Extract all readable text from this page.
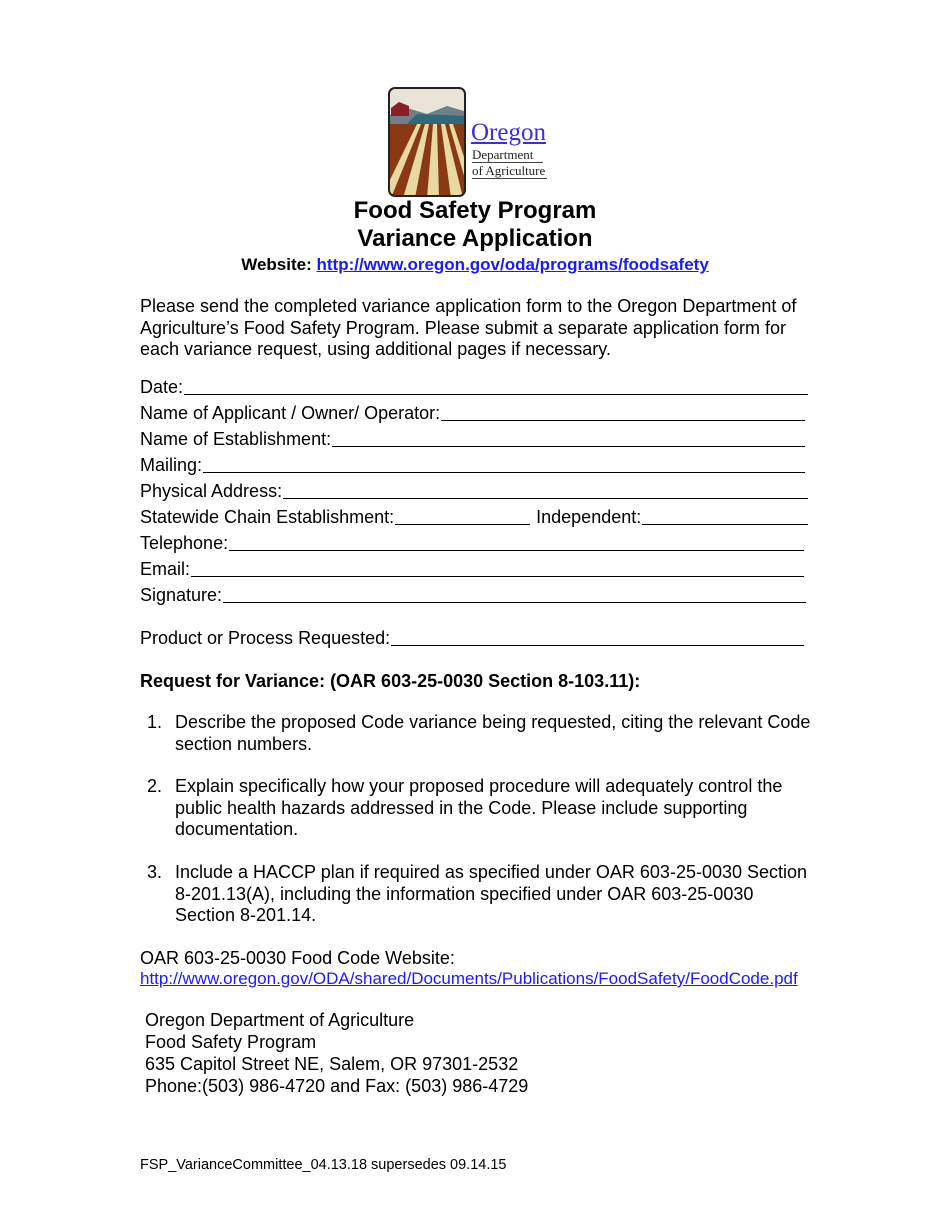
Oregon
Department
of Agriculture
Food Safety Program
Variance Application
Website: http://www.oregon.gov/oda/programs/foodsafety
Please send the completed variance application form to the Oregon Department of Agriculture’s Food Safety Program. Please submit a separate application form for each variance request, using additional pages if necessary.
Date:
Name of Applicant / Owner/ Operator:
Name of Establishment:
Mailing:
Physical Address:
Statewide Chain Establishment:	Independent:
Telephone:
Email:
Signature:
Product or Process Requested:
Request for Variance: (OAR 603-25-0030 Section 8-103.11):
1. Describe the proposed Code variance being requested, citing the relevant Code section numbers.
2. Explain specifically how your proposed procedure will adequately control the public health hazards addressed in the Code. Please include supporting documentation.
3. Include a HACCP plan if required as specified under OAR 603-25-0030 Section 8-201.13(A), including the information specified under OAR 603-25-0030 Section 8-201.14.
OAR 603-25-0030 Food Code Website:
http://www.oregon.gov/ODA/shared/Documents/Publications/FoodSafety/FoodCode.pdf
Oregon Department of Agriculture
Food Safety Program
635 Capitol Street NE, Salem, OR 97301-2532
Phone:(503) 986-4720 and Fax: (503) 986-4729
FSP_VarianceCommittee_04.13.18 supersedes 09.14.15
